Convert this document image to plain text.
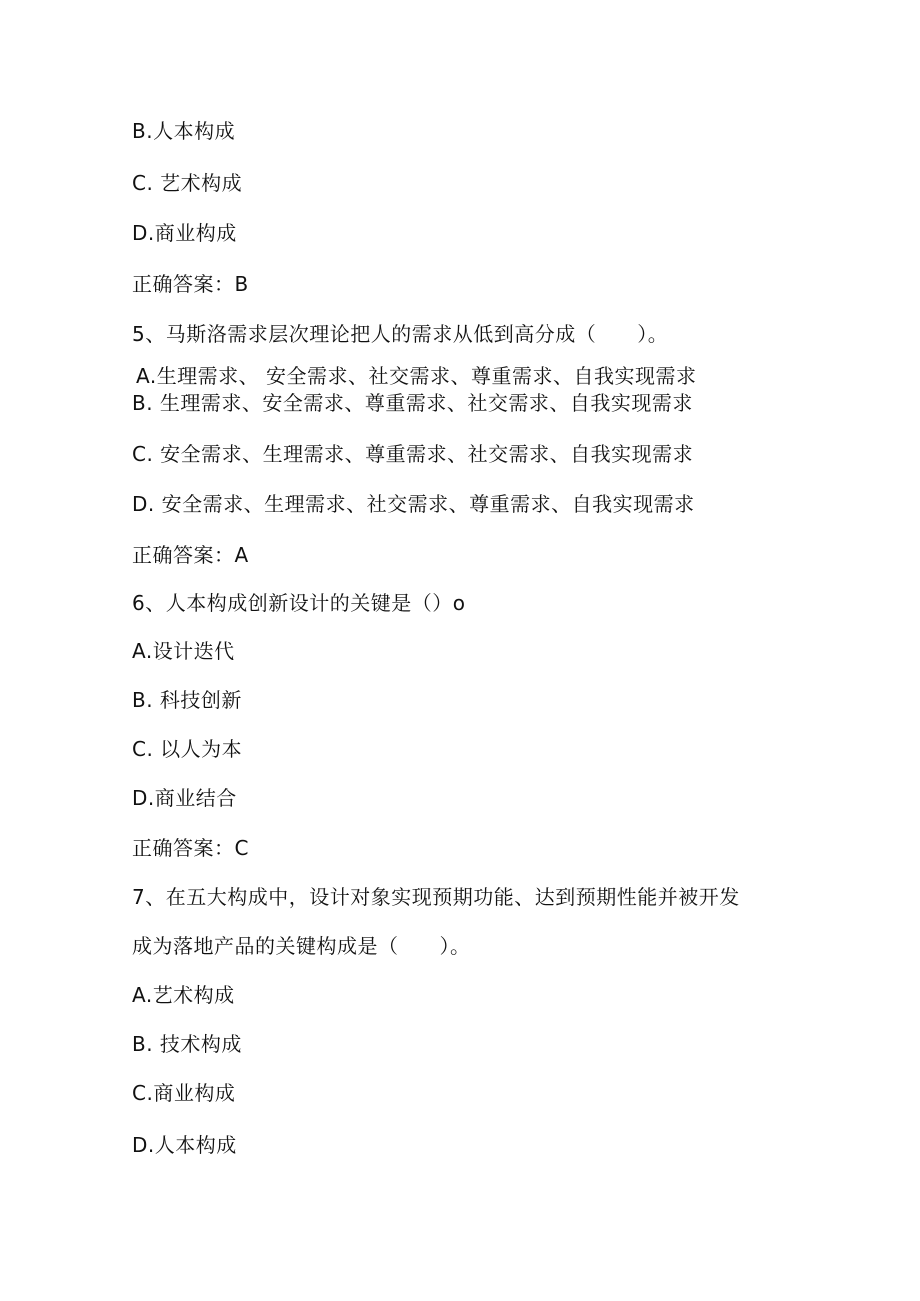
B.人本构成
C. 艺术构成
D.商业构成
正确答案：B
5、马斯洛需求层次理论把人的需求从低到高分成（　　）。
A.生理需求、 安全需求、社交需求、尊重需求、自我实现需求
B. 生理需求、安全需求、尊重需求、社交需求、自我实现需求
C. 安全需求、生理需求、尊重需求、社交需求、自我实现需求
D. 安全需求、生理需求、社交需求、尊重需求、自我实现需求
正确答案：A
6、人本构成创新设计的关键是（）o
A.设计迭代
B. 科技创新
C. 以人为本
D.商业结合
正确答案：C
7、在五大构成中，设计对象实现预期功能、达到预期性能并被开发
成为落地产品的关键构成是（　　）。
A.艺术构成
B. 技术构成
C.商业构成
D.人本构成
